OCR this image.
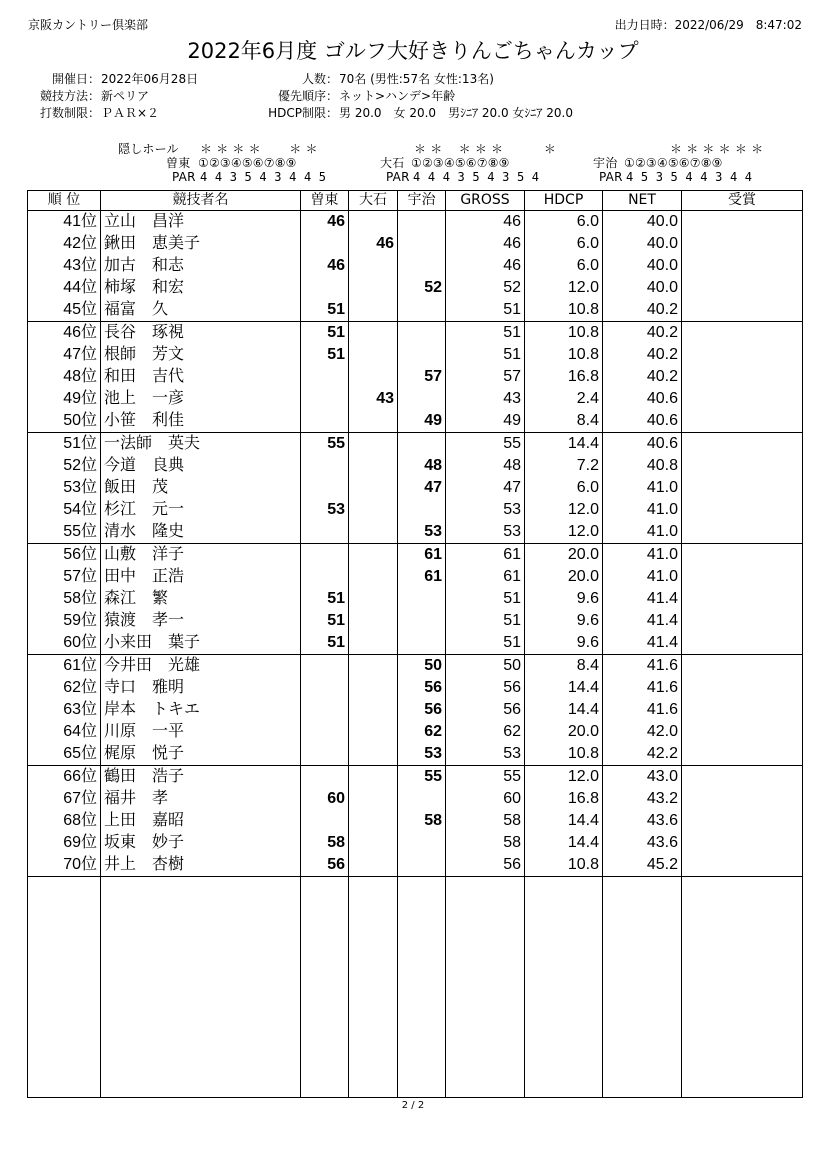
京阪カントリー倶楽部	出力日時：2022/06/29　8:47:02
2022年6月度 ゴルフ大好きりんごちゃんカップ
開催日： 2022年06月28日
競技方法： 新ペリア
打数制限： ＰＡＲ×２
人数： 70名 (男性:57名 女性:13名)
優先順序： ネット>ハンデ>年齢
HDCP制限： 男 20.0　女 20.0　男ｼﾆｱ 20.0 女ｼﾆｱ 20.0
隠しホール ＊ ＊ ＊ ＊　　 ＊ ＊
曽東 ①②③④⑤⑥⑦⑧⑨
PAR 4 4 3 5 4 3 4 4 5
＊ ＊　 ＊ ＊ ＊　　　 ＊
大石 ①②③④⑤⑥⑦⑧⑨
PAR 4 4 4 3 5 4 3 5 4
＊ ＊ ＊ ＊ ＊ ＊
宇治 ①②③④⑤⑥⑦⑧⑨
PAR 4 5 3 5 4 4 3 4 4
順 位	競技者名	曽東	大石	宇治	GROSS	HDCP	NET	受賞
41位	立山　昌洋	46			46	6.0	40.0	
42位	鍬田　恵美子		46		46	6.0	40.0	
43位	加古　和志	46			46	6.0	40.0	
44位	柿塚　和宏			52	52	12.0	40.0	
45位	福富　久	51			51	10.8	40.2	
46位	長谷　琢視	51			51	10.8	40.2	
47位	根師　芳文	51			51	10.8	40.2	
48位	和田　吉代			57	57	16.8	40.2	
49位	池上　一彦		43		43	2.4	40.6	
50位	小笹　利佳			49	49	8.4	40.6	
51位	一法師　英夫	55			55	14.4	40.6	
52位	今道　良典			48	48	7.2	40.8	
53位	飯田　茂			47	47	6.0	41.0	
54位	杉江　元一	53			53	12.0	41.0	
55位	清水　隆史			53	53	12.0	41.0	
56位	山敷　洋子			61	61	20.0	41.0	
57位	田中　正浩			61	61	20.0	41.0	
58位	森江　繁	51			51	9.6	41.4	
59位	猿渡　孝一	51			51	9.6	41.4	
60位	小来田　葉子	51			51	9.6	41.4	
61位	今井田　光雄			50	50	8.4	41.6	
62位	寺口　雅明			56	56	14.4	41.6	
63位	岸本　トキエ			56	56	14.4	41.6	
64位	川原　一平			62	62	20.0	42.0	
65位	梶原　悦子			53	53	10.8	42.2	
66位	鶴田　浩子			55	55	12.0	43.0	
67位	福井　孝	60			60	16.8	43.2	
68位	上田　嘉昭			58	58	14.4	43.6	
69位	坂東　妙子	58			58	14.4	43.6	
70位	井上　杏樹	56			56	10.8	45.2	

2 / 2
